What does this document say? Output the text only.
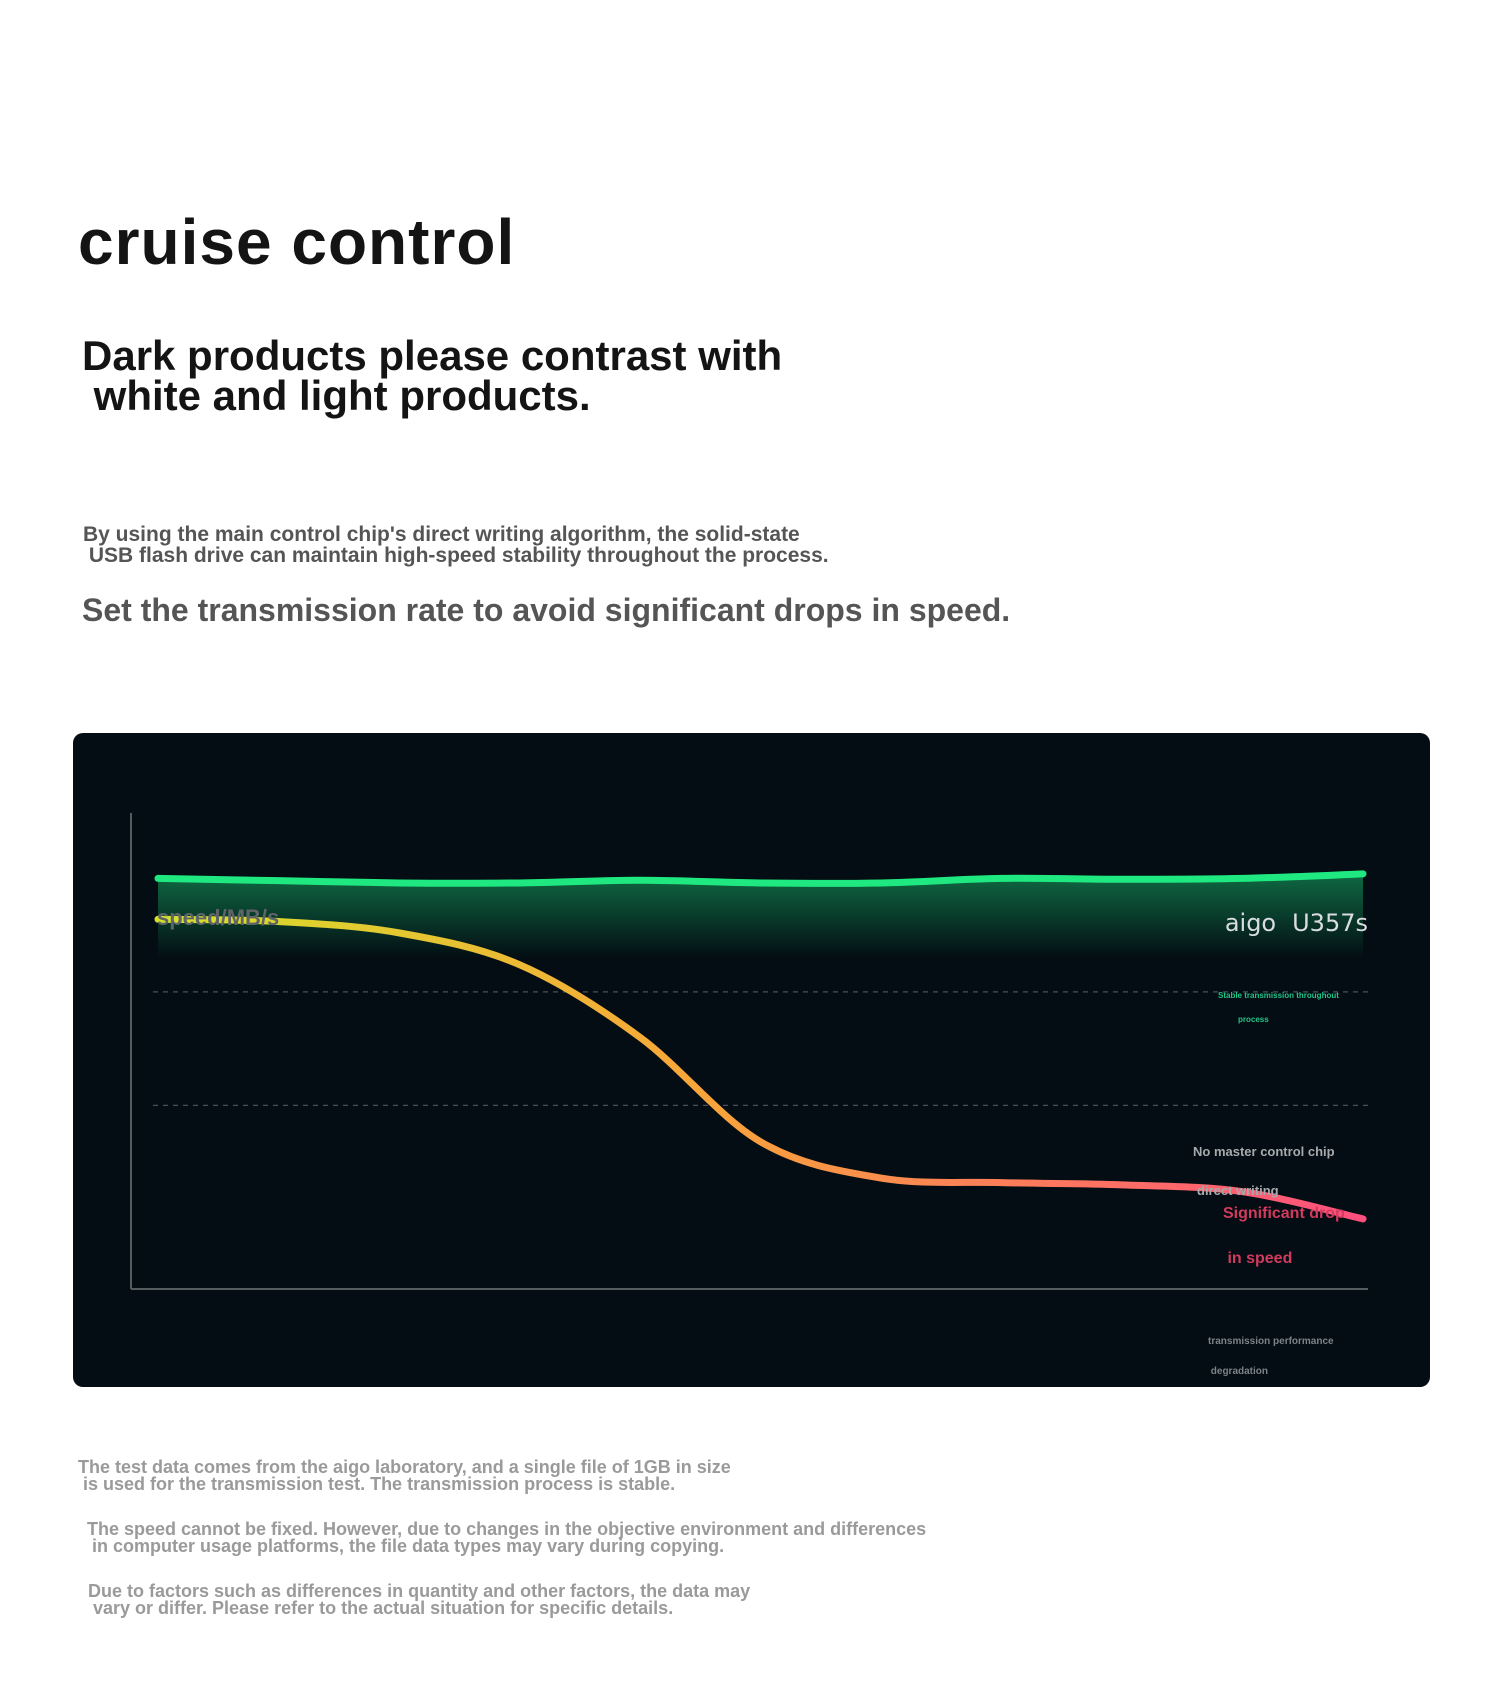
cruise control
Dark products please contrast with
white and light products.
By using the main control chip's direct writing algorithm, the solid-state
USB flash drive can maintain high-speed stability throughout the process.
Set the transmission rate to avoid significant drops in speed.
speed/MB/s	aigo U357s

Stable transmission throughout

process

No master control chip

direct writing

Significant drop

in speed

transmission performance

degradation

The test data comes from the aigo laboratory, and a single file of 1GB in size
is used for the transmission test. The transmission process is stable.
The speed cannot be fixed. However, due to changes in the objective environment and differences
in computer usage platforms, the file data types may vary during copying.
Due to factors such as differences in quantity and other factors, the data may
vary or differ. Please refer to the actual situation for specific details.
